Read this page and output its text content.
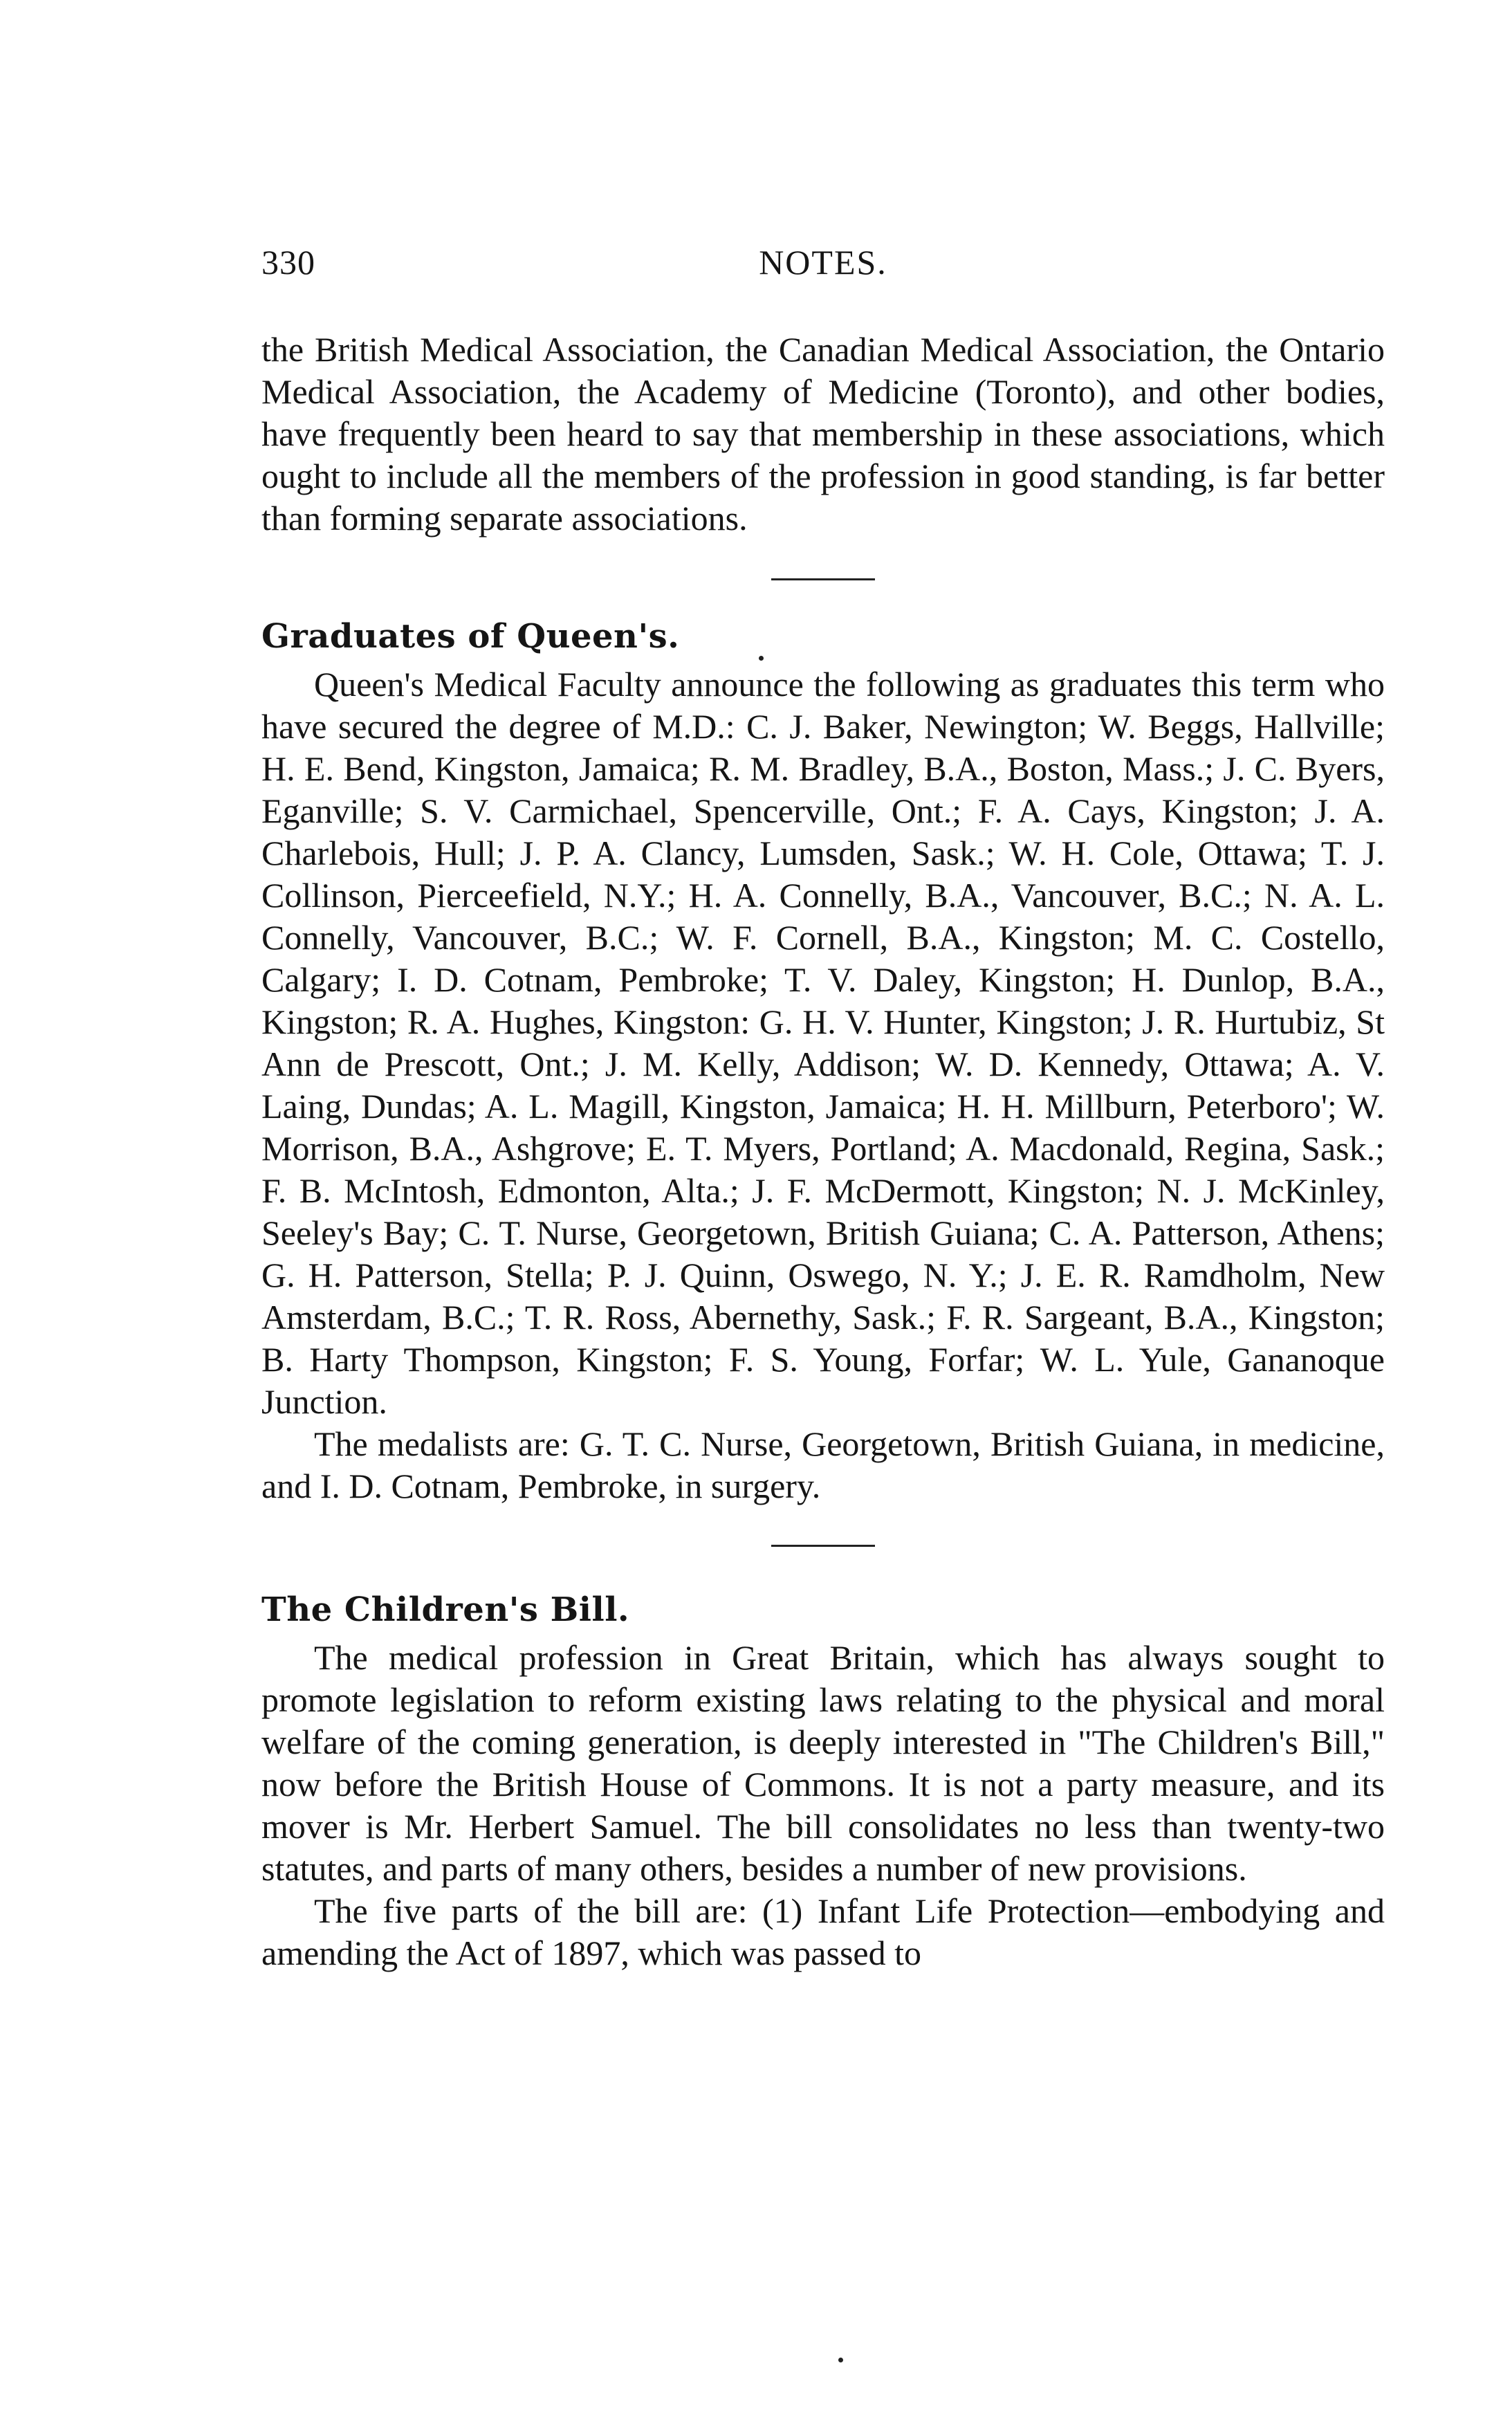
330	NOTES.

the British Medical Association, the Canadian Medical Association, the Ontario Medical Association, the Academy of Medicine (Toronto), and other bodies, have frequently been heard to say that membership in these associations, which ought to include all the members of the profession in good standing, is far better than forming separate associations.

Graduates of Queen's.

Queen's Medical Faculty announce the following as graduates this term who have secured the degree of M.D.: C. J. Baker, Newington; W. Beggs, Hallville; H. E. Bend, Kingston, Jamaica; R. M. Bradley, B.A., Boston, Mass.; J. C. Byers, Eganville; S. V. Carmichael, Spencerville, Ont.; F. A. Cays, Kingston; J. A. Charlebois, Hull; J. P. A. Clancy, Lumsden, Sask.; W. H. Cole, Ottawa; T. J. Collinson, Pierceefield, N.Y.; H. A. Connelly, B.A., Vancouver, B.C.; N. A. L. Connelly, Vancouver, B.C.; W. F. Cornell, B.A., Kingston; M. C. Costello, Calgary; I. D. Cotnam, Pembroke; T. V. Daley, Kingston; H. Dunlop, B.A., Kingston; R. A. Hughes, Kingston: G. H. V. Hunter, Kingston; J. R. Hurtubiz, St Ann de Prescott, Ont.; J. M. Kelly, Addison; W. D. Kennedy, Ottawa; A. V. Laing, Dundas; A. L. Magill, Kingston, Jamaica; H. H. Millburn, Peterboro'; W. Morrison, B.A., Ashgrove; E. T. Myers, Portland; A. Macdonald, Regina, Sask.; F. B. McIntosh, Edmonton, Alta.; J. F. McDermott, Kingston; N. J. McKinley, Seeley's Bay; C. T. Nurse, Georgetown, British Guiana; C. A. Patterson, Athens; G. H. Patterson, Stella; P. J. Quinn, Oswego, N. Y.; J. E. R. Ramdholm, New Amsterdam, B.C.; T. R. Ross, Abernethy, Sask.; F. R. Sargeant, B.A., Kingston; B. Harty Thompson, Kingston; F. S. Young, Forfar; W. L. Yule, Gananoque Junction.

The medalists are: G. T. C. Nurse, Georgetown, British Guiana, in medicine, and I. D. Cotnam, Pembroke, in surgery.

The Children's Bill.

The medical profession in Great Britain, which has always sought to promote legislation to reform existing laws relating to the physical and moral welfare of the coming generation, is deeply interested in "The Children's Bill," now before the British House of Commons. It is not a party measure, and its mover is Mr. Herbert Samuel. The bill consolidates no less than twenty-two statutes, and parts of many others, besides a number of new provisions.

The five parts of the bill are: (1) Infant Life Protection—embodying and amending the Act of 1897, which was passed to
